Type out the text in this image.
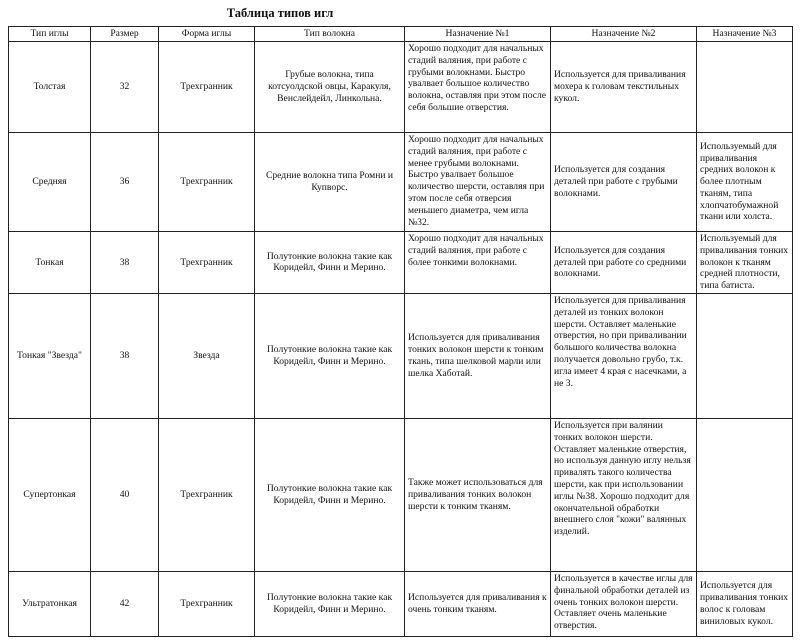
Таблица типов игл
Тип иглы	Размер	Форма иглы	Тип волокна	Назначение №1	Назначение №2	Назначение №3
Толстая	32	Трехгранник	Грубые волокна, типа котсуолдской овцы, Каракуля, Венслейдейл, Линкольна.	Хорошо подходит для начальных стадий валяния, при работе с грубыми волокнами. Быстро увалвает большое количество волокна, оставляя при этом после себя большие отверстия.	Используется для приваливания мохера к головам текстильных кукол.	
Средняя	36	Трехгранник	Средние волокна типа Ромни и Купворс.	Хорошо подходит для начальных стадий валяния, при работе с менее грубыми волокнами. Быстро увалвает большое количество шерсти, оставляя при этом после себя отверсия меньшего диаметра, чем игла №32.	Используется для создания деталей при работе с грубыми волокнами.	Используемый для приваливания средних волокон к более плотным тканям, типа хлопчатобумажной ткани или холста.
Тонкая	38	Трехгранник	Полутонкие волокна такие как Коридейл, Финн и Мерино.	Хорошо подходит для начальных стадий валяния, при работе с более тонкими волокнами.	Используется для создания деталей при работе со средними волокнами.	Используемый для приваливания тонких волокон к тканям средней плотности, типа батиста.
Тонкая "Звезда"	38	Звезда	Полутонкие волокна такие как Коридейл, Финн и Мерино.	Используется для приваливания тонких волокон шерсти к тонким ткань, типа шелковой марли или шелка Хаботай.	Используется для приваливания деталей из тонких волокон шерсти. Оставляет маленькие отверстия, но при приваливании большого количества волокна получается довольно грубо, т.к. игла имеет 4 края с насечками, а не 3.	
Супертонкая	40	Трехгранник	Полутонкие волокна такие как Коридейл, Финн и Мерино.	Также может использоваться для приваливания тонких волокон шерсти к тонким тканям.	Используется при валянии тонких волокон шерсти. Оставляет маленькие отверстия, но используя данную иглу нельзя привалять такого количества шерсти, как при использовании иглы №38. Хорошо подходит для окончательной обработки внешнего слоя "кожи" валянных изделий.	
Ультратонкая	42	Трехгранник	Полутонкие волокна такие как Коридейл, Финн и Мерино.	Используется для приваливания к очень тонким тканям.	Используется в качестве иглы для финальной обработки деталей из очень тонких волокон шерсти. Оставляет очень маленькие отверстия.	Используется для приваливания тонких волос к головам виниловых кукол.
